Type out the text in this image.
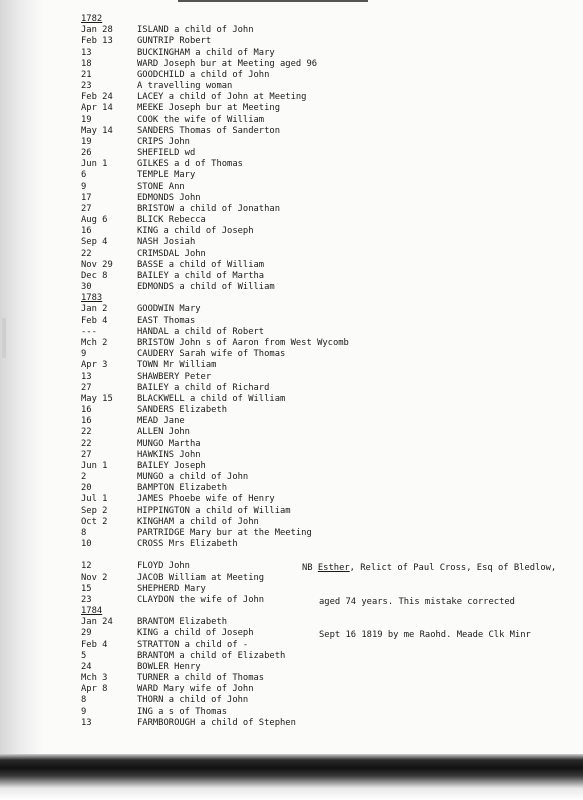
1782
Jan 28	ISLAND a child of John
Feb 13	GUNTRIP Robert
13	BUCKINGHAM a child of Mary
18	WARD Joseph bur at Meeting aged 96
21	GOODCHILD a child of John
23	A travelling woman
Feb 24	LACEY a child of John at Meeting
Apr 14	MEEKE Joseph bur at Meeting
19	COOK the wife of William
May 14	SANDERS Thomas of Sanderton
19	CRIPS John
26	SHEFIELD wd
Jun 1	GILKES a d of Thomas
6	TEMPLE Mary
9	STONE Ann
17	EDMONDS John
27	BRISTOW a child of Jonathan
Aug 6	BLICK Rebecca
16	KING a child of Joseph
Sep 4	NASH Josiah
22	CRIMSDAL John
Nov 29	BASSE a child of William
Dec 8	BAILEY a child of Martha
30	EDMONDS a child of William
1783
Jan 2	GOODWIN Mary
Feb 4	EAST Thomas
---	HANDAL a child of Robert
Mch 2	BRISTOW John s of Aaron from West Wycomb
9	CAUDERY Sarah wife of Thomas
Apr 3	TOWN Mr William
13	SHAWBERY Peter
27	BAILEY a child of Richard
May 15	BLACKWELL a child of William
16	SANDERS Elizabeth
16	MEAD Jane
22	ALLEN John
22	MUNGO Martha
27	HAWKINS John
Jun 1	BAILEY Joseph
2	MUNGO a child of John
20	BAMPTON Elizabeth
Jul 1	JAMES Phoebe wife of Henry
Sep 2	HIPPINGTON a child of William
Oct 2	KINGHAM a child of John
8	PARTRIDGE Mary bur at the Meeting
10	CROSS Mrs Elizabeth
12	FLOYD John
Nov 2	JACOB William at Meeting
15	SHEPHERD Mary
23	CLAYDON the wife of John
1784
Jan 24	BRANTOM Elizabeth
29	KING a child of Joseph
Feb 4	STRATTON a child of -
5	BRANTOM a child of Elizabeth
24	BOWLER Henry
Mch 3	TURNER a child of Thomas
Apr 8	WARD Mary wife of John
8	THORN a child of John
9	ING a s of Thomas
13	FARMBOROUGH a child of Stephen

NB Esther, Relict of Paul Cross, Esq of Bledlow,

aged 74 years. This mistake corrected

Sept 16 1819 by me Raohd. Meade Clk Minr
